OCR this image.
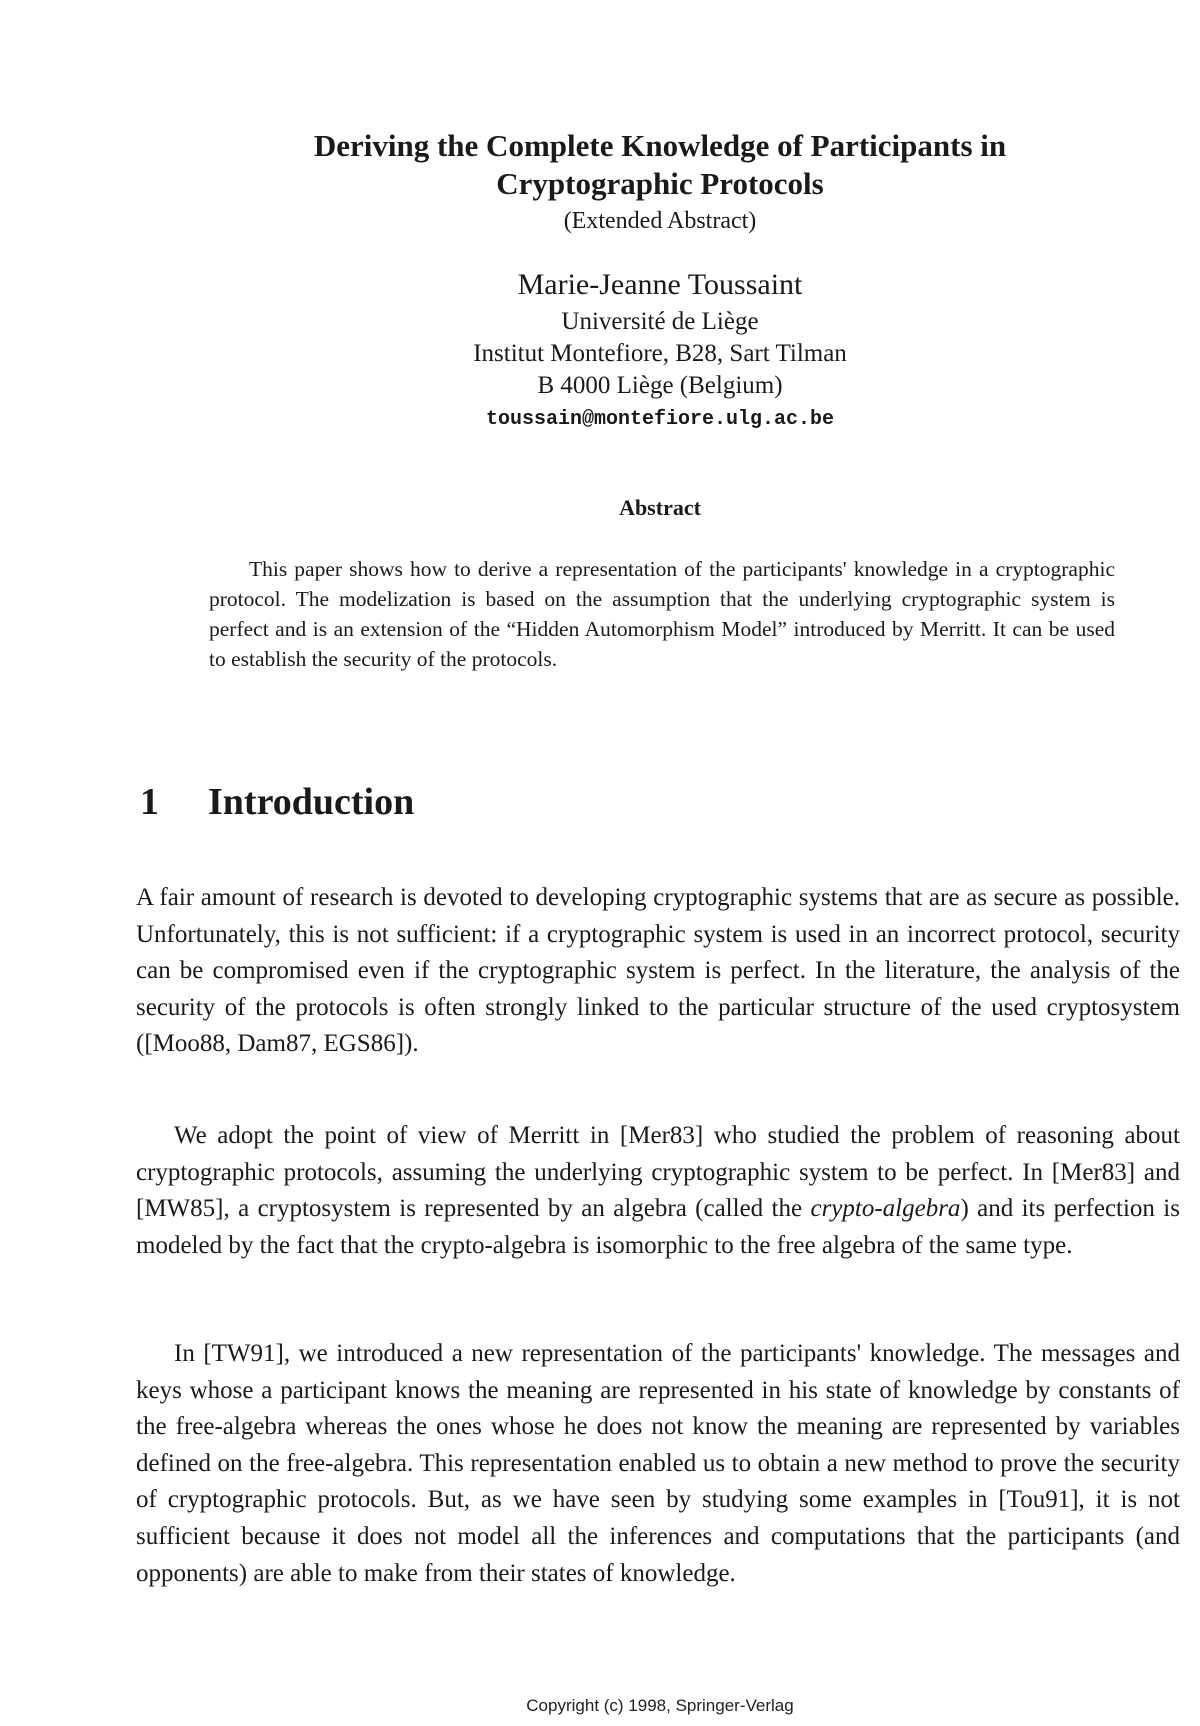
Deriving the Complete Knowledge of Participants in
Cryptographic Protocols
(Extended Abstract)
Marie-Jeanne Toussaint
Université de Liège
Institut Montefiore, B28, Sart Tilman
B 4000 Liège (Belgium)
toussain@montefiore.ulg.ac.be
Abstract

This paper shows how to derive a representation of the participants' knowledge in a cryptographic protocol. The modelization is based on the assumption that the underlying cryptographic system is perfect and is an extension of the “Hidden Automorphism Model” introduced by Merritt. It can be used to establish the security of the protocols.

1 Introduction

A fair amount of research is devoted to developing cryptographic systems that are as secure as possible. Unfortunately, this is not sufficient: if a cryptographic system is used in an incorrect protocol, security can be compromised even if the cryptographic system is perfect. In the literature, the analysis of the security of the protocols is often strongly linked to the particular structure of the used cryptosystem ([Moo88, Dam87, EGS86]).

We adopt the point of view of Merritt in [Mer83] who studied the problem of reasoning about cryptographic protocols, assuming the underlying cryptographic system to be perfect. In [Mer83] and [MW85], a cryptosystem is represented by an algebra (called the crypto-algebra) and its perfection is modeled by the fact that the crypto-algebra is isomorphic to the free algebra of the same type.

In [TW91], we introduced a new representation of the participants' knowledge. The messages and keys whose a participant knows the meaning are represented in his state of knowledge by constants of the free-algebra whereas the ones whose he does not know the meaning are represented by variables defined on the free-algebra. This representation enabled us to obtain a new method to prove the security of cryptographic protocols. But, as we have seen by studying some examples in [Tou91], it is not sufficient because it does not model all the inferences and computations that the participants (and opponents) are able to make from their states of knowledge.

Copyright (c) 1998, Springer-Verlag
